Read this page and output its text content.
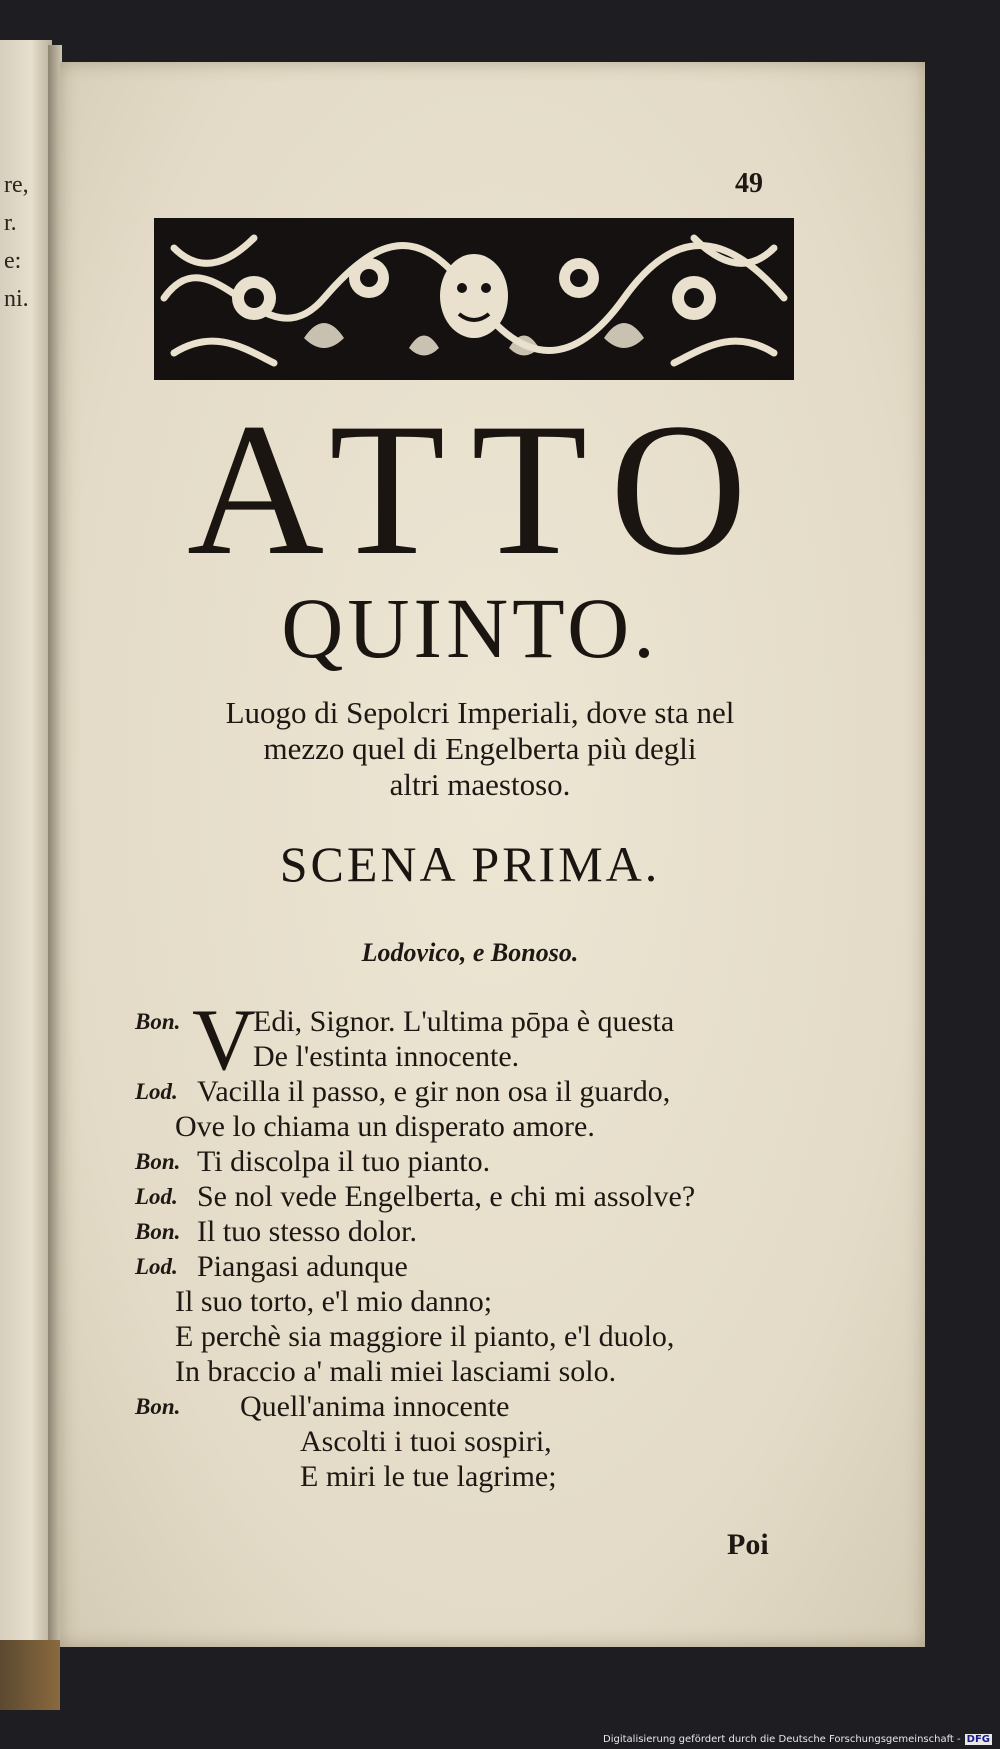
re,
r.
e:
ni.
49
ATTO
QUINTO.
Luogo di Sepolcri Imperiali, dove sta nel
mezzo quel di Engelberta più degli
altri maestoso.
SCENA PRIMA.
Lodovico, e Bonoso.
Bon. V
Edi, Signor. L'ultima pōpa è questa
De l'estinta innocente.
Lod. Vacilla il passo, e gir non osa il guardo,
Ove lo chiama un disperato amore.
Bon. Ti discolpa il tuo pianto.
Lod. Se nol vede Engelberta, e chi mi assolve?
Bon. Il tuo stesso dolor.
Lod. Piangasi adunque
Il suo torto, e'l mio danno;
E perchè sia maggiore il pianto, e'l duolo,
In braccio a' mali miei lasciami solo.
Bon. Quell'anima innocente
Ascolti i tuoi sospiri,
E miri le tue lagrime;
Poi
Digitalisierung gefördert durch die Deutsche Forschungsgemeinschaft - DFG
